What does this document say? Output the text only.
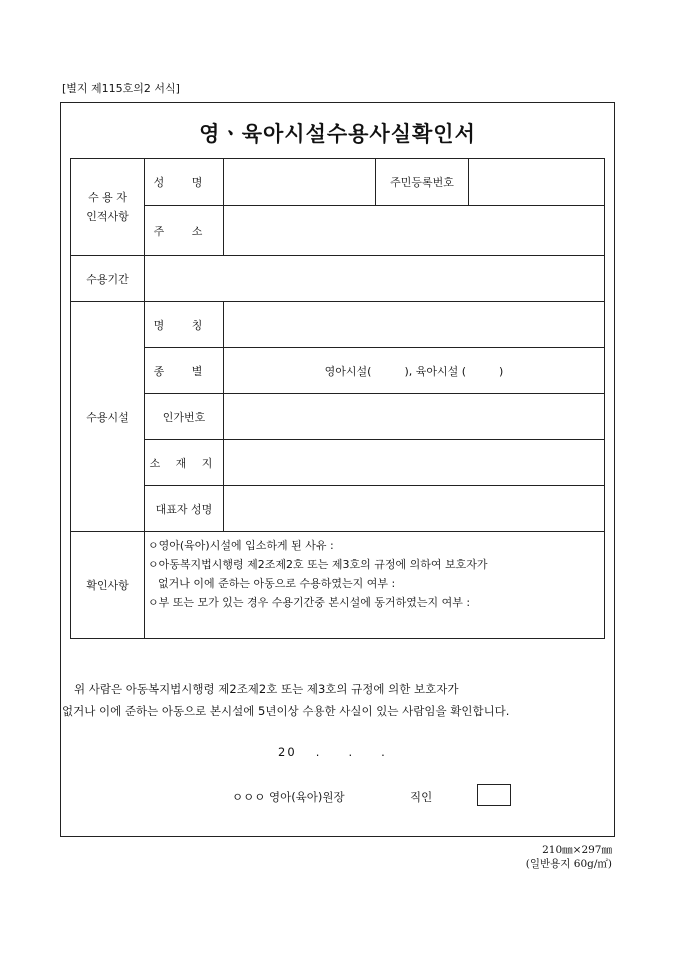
[별지 제115호의2 서식]
영ㆍ육아시설수용사실확인서
수 용 자
인적사항	성 명		주민등록번호	
	주 소			
수용기간				
수용시설	명 칭			
	종 별	영아시설(　　　), 육아시설 (　　　)		
	인가번호			
	소 재 지			
	대표자 성명			
확인사항	ㅇ영아(육아)시설에 입소하게 된 사유 :
ㅇ아동복지법시행령 제2조제2호 또는 제3호의 규정에 의하여 보호자가
없거나 이에 준하는 아동으로 수용하였는지 여부 :
ㅇ부 또는 모가 있는 경우 수용기간중 본시설에 동거하였는지 여부 :			
위 사람은 아동복지법시행령 제2조제2호 또는 제3호의 규정에 의한 보호자가
없거나 이에 준하는 아동으로 본시설에 5년이상 수용한 사실이 있는 사람임을 확인합니다.
20　 .　　.　　.
ㅇㅇㅇ 영아(육아)원장	직인
210㎜×297㎜
(일반용지 60g/㎡)
